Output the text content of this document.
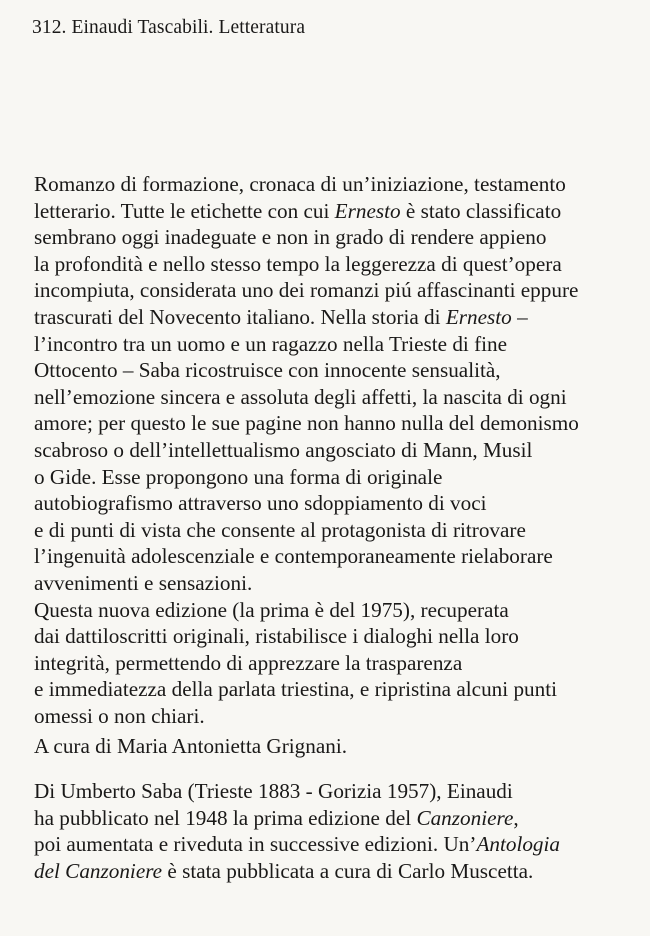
312. Einaudi Tascabili. Letteratura
Romanzo di formazione, cronaca di un’iniziazione, testamento
letterario. Tutte le etichette con cui Ernesto è stato classificato
sembrano oggi inadeguate e non in grado di rendere appieno
la profondità e nello stesso tempo la leggerezza di quest’opera
incompiuta, considerata uno dei romanzi piú affascinanti eppure
trascurati del Novecento italiano. Nella storia di Ernesto –
l’incontro tra un uomo e un ragazzo nella Trieste di fine
Ottocento – Saba ricostruisce con innocente sensualità,
nell’emozione sincera e assoluta degli affetti, la nascita di ogni
amore; per questo le sue pagine non hanno nulla del demonismo
scabroso o dell’intellettualismo angosciato di Mann, Musil
o Gide. Esse propongono una forma di originale
autobiografismo attraverso uno sdoppiamento di voci
e di punti di vista che consente al protagonista di ritrovare
l’ingenuità adolescenziale e contemporaneamente rielaborare
avvenimenti e sensazioni.
Questa nuova edizione (la prima è del 1975), recuperata
dai dattiloscritti originali, ristabilisce i dialoghi nella loro
integrità, permettendo di apprezzare la trasparenza
e immediatezza della parlata triestina, e ripristina alcuni punti
omessi o non chiari.
A cura di Maria Antonietta Grignani.
Di Umberto Saba (Trieste 1883 - Gorizia 1957), Einaudi
ha pubblicato nel 1948 la prima edizione del Canzoniere,
poi aumentata e riveduta in successive edizioni. Un’Antologia
del Canzoniere è stata pubblicata a cura di Carlo Muscetta.
